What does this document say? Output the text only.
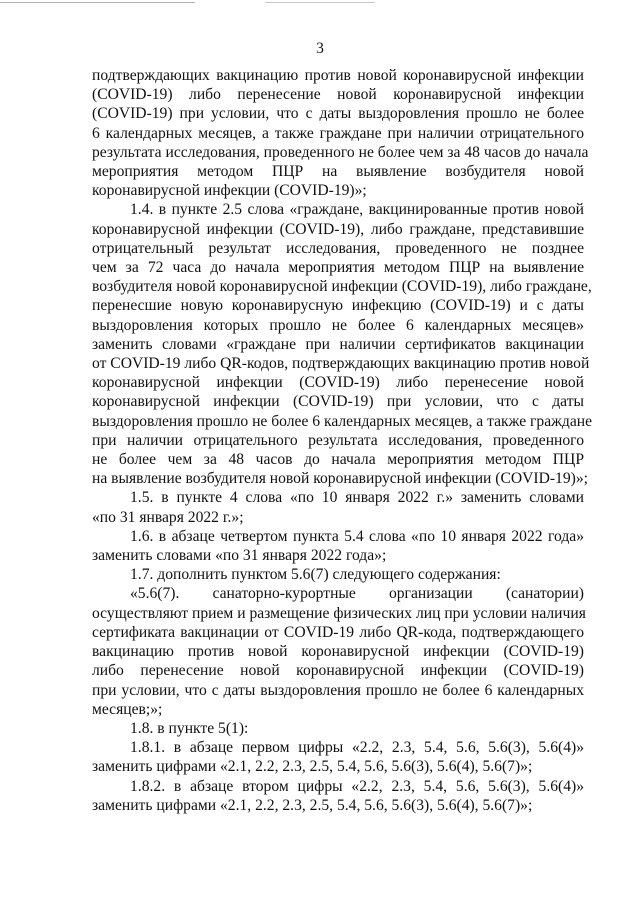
3
подтверждающих вакцинацию против новой коронавирусной инфекции
(COVID-19) либо перенесение новой коронавирусной инфекции
(COVID-19) при условии, что с даты выздоровления прошло не более
6 календарных месяцев, а также граждане при наличии отрицательного
результата исследования, проведенного не более чем за 48 часов до начала
мероприятия методом ПЦР на выявление возбудителя новой
коронавирусной инфекции (COVID-19)»;
1.4. в пункте 2.5 слова «граждане, вакцинированные против новой
коронавирусной инфекции (COVID-19), либо граждане, представившие
отрицательный результат исследования, проведенного не позднее
чем за 72 часа до начала мероприятия методом ПЦР на выявление
возбудителя новой коронавирусной инфекции (COVID-19), либо граждане,
перенесшие новую коронавирусную инфекцию (COVID-19) и с даты
выздоровления которых прошло не более 6 календарных месяцев»
заменить словами «граждане при наличии сертификатов вакцинации
от COVID-19 либо QR-кодов, подтверждающих вакцинацию против новой
коронавирусной инфекции (COVID-19) либо перенесение новой
коронавирусной инфекции (COVID-19) при условии, что с даты
выздоровления прошло не более 6 календарных месяцев, а также граждане
при наличии отрицательного результата исследования, проведенного
не более чем за 48 часов до начала мероприятия методом ПЦР
на выявление возбудителя новой коронавирусной инфекции (COVID-19)»;
1.5. в пункте 4 слова «по 10 января 2022 г.» заменить словами
«по 31 января 2022 г.»;
1.6. в абзаце четвертом пункта 5.4 слова «по 10 января 2022 года»
заменить словами «по 31 января 2022 года»;
1.7. дополнить пунктом 5.6(7) следующего содержания:
«5.6(7). санаторно-курортные организации (санатории)
осуществляют прием и размещение физических лиц при условии наличия
сертификата вакцинации от COVID-19 либо QR-кода, подтверждающего
вакцинацию против новой коронавирусной инфекции (COVID-19)
либо перенесение новой коронавирусной инфекции (COVID-19)
при условии, что с даты выздоровления прошло не более 6 календарных
месяцев;»;
1.8. в пункте 5(1):
1.8.1. в абзаце первом цифры «2.2, 2.3, 5.4, 5.6, 5.6(3), 5.6(4)»
заменить цифрами «2.1, 2.2, 2.3, 2.5, 5.4, 5.6, 5.6(3), 5.6(4), 5.6(7)»;
1.8.2. в абзаце втором цифры «2.2, 2.3, 5.4, 5.6, 5.6(3), 5.6(4)»
заменить цифрами «2.1, 2.2, 2.3, 2.5, 5.4, 5.6, 5.6(3), 5.6(4), 5.6(7)»;
